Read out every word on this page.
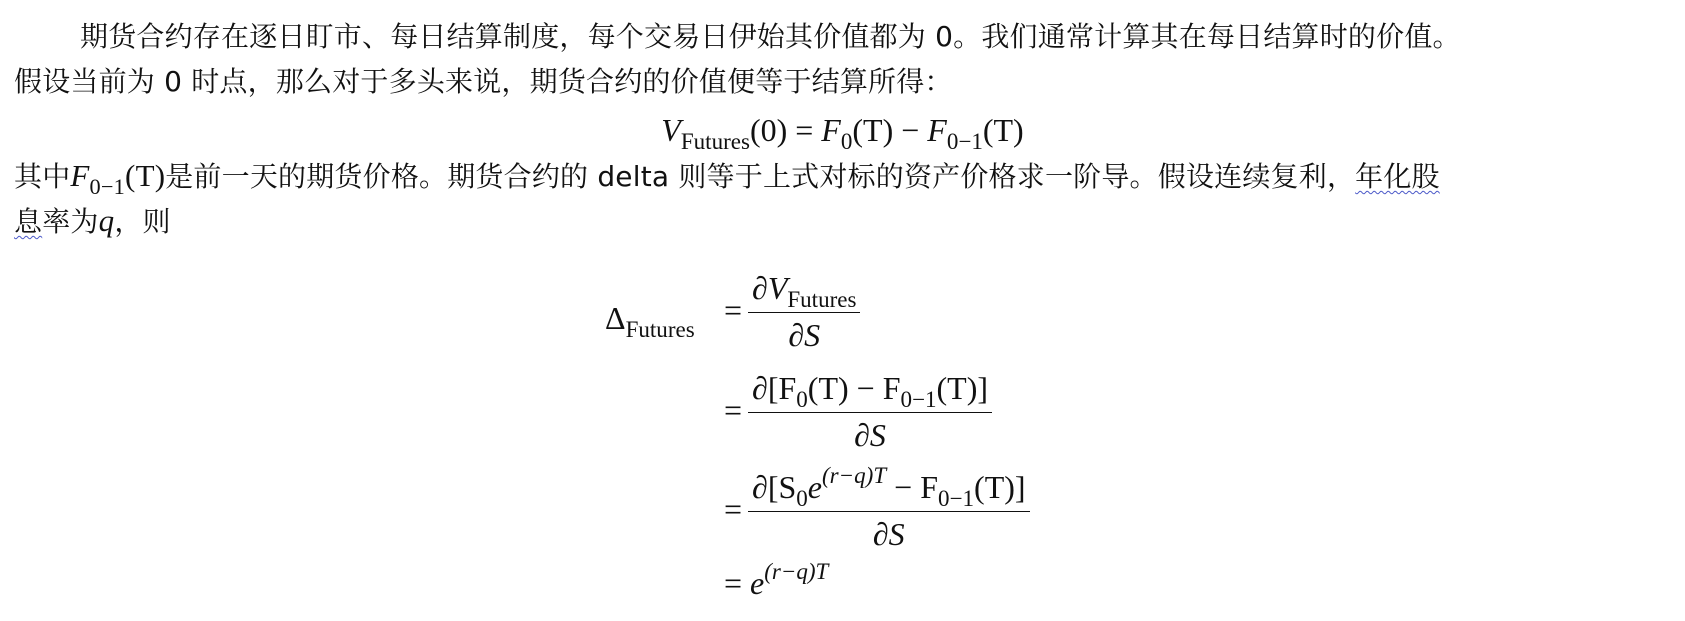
期货合约存在逐日盯市、每日结算制度，每个交易日伊始其价值都为 0。我们通常计算其在每日结算时的价值。
假设当前为 0 时点，那么对于多头来说，期货合约的价值便等于结算所得：
$V_{Futures}(0) = F_0(T) - F_{0-1}(T)$
其中$F_{0-1}(T)$是前一天的期货价格。期货合约的 delta 则等于上式对标的资产价格求一阶导。假设连续复利，年化股
息率为q，则
$\Delta_{Futures}$
= $\frac{\partial V_{Futures}}{\partial S}$
= $\frac{\partial[F_0(T) - F_{0-1}(T)]}{\partial S}$
= $\frac{\partial[S_0e^{(r-q)T} - F_{0-1}(T)]}{\partial S}$
= $e^{(r-q)T}$
